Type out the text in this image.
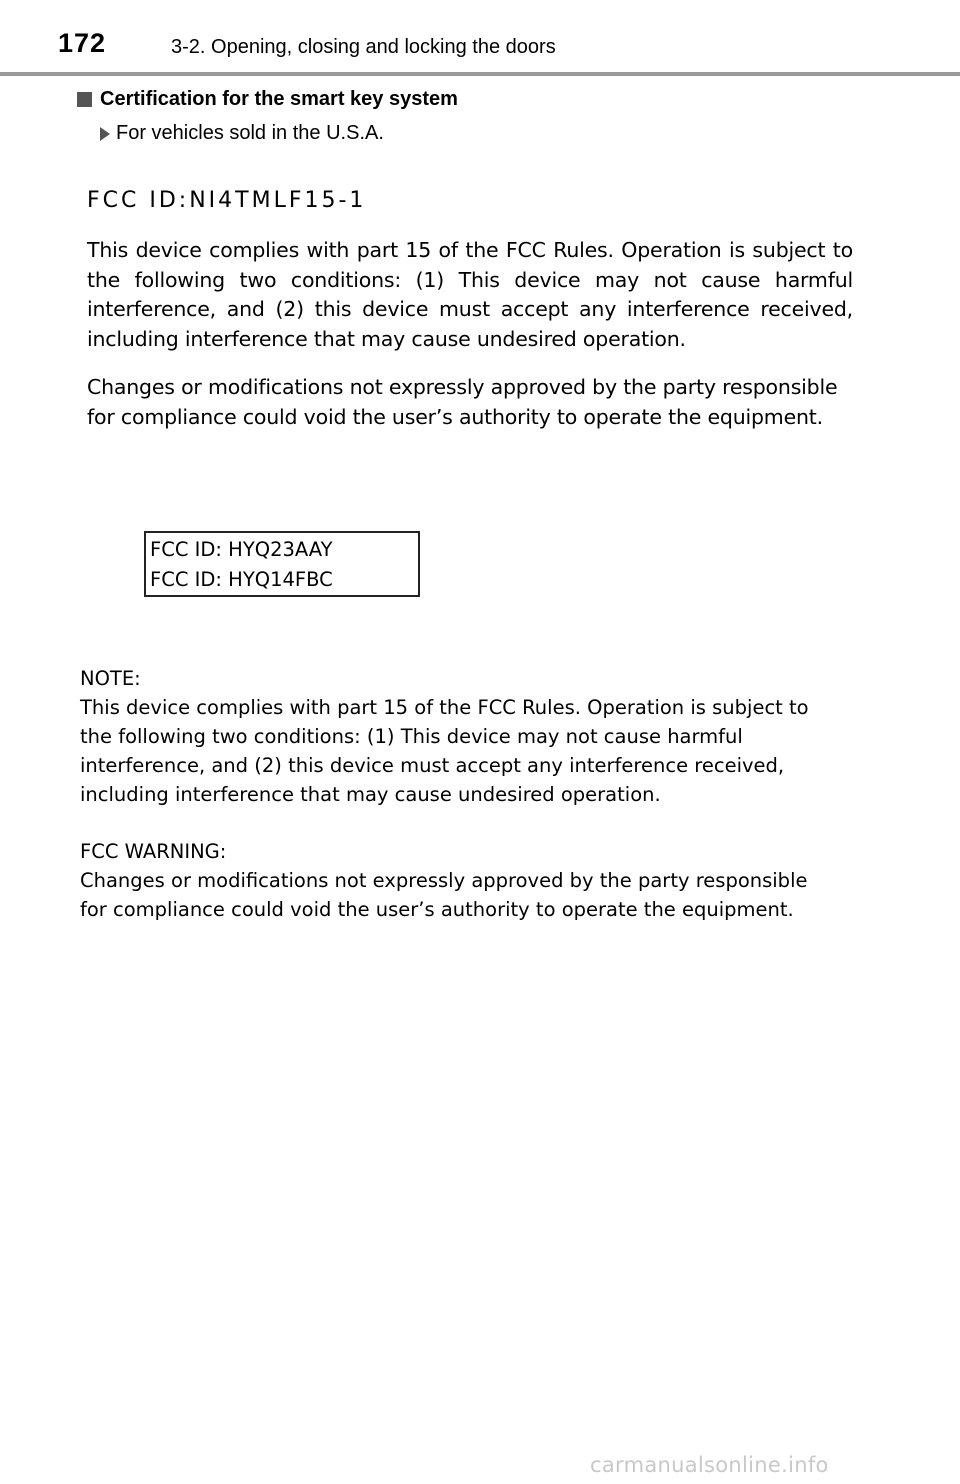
172	3-2. Opening, closing and locking the doors
Certification for the smart key system
For vehicles sold in the U.S.A.
FCC ID:NI4TMLF15-1
This device complies with part 15 of the FCC Rules. Operation is subject to the following two conditions: (1) This device may not cause harmful interference, and (2) this device must accept any interference received, including interference that may cause undesired operation.
Changes or modifications not expressly approved by the party responsible for compliance could void the user’s authority to operate the equipment.
FCC ID: HYQ23AAY
FCC ID: HYQ14FBC
NOTE:
This device complies with part 15 of the FCC Rules. Operation is subject to the following two conditions: (1) This device may not cause harmful interference, and (2) this device must accept any interference received, including interference that may cause undesired operation.
FCC WARNING:
Changes or modifications not expressly approved by the party responsible for compliance could void the user’s authority to operate the equipment.
carmanualsonline.info
